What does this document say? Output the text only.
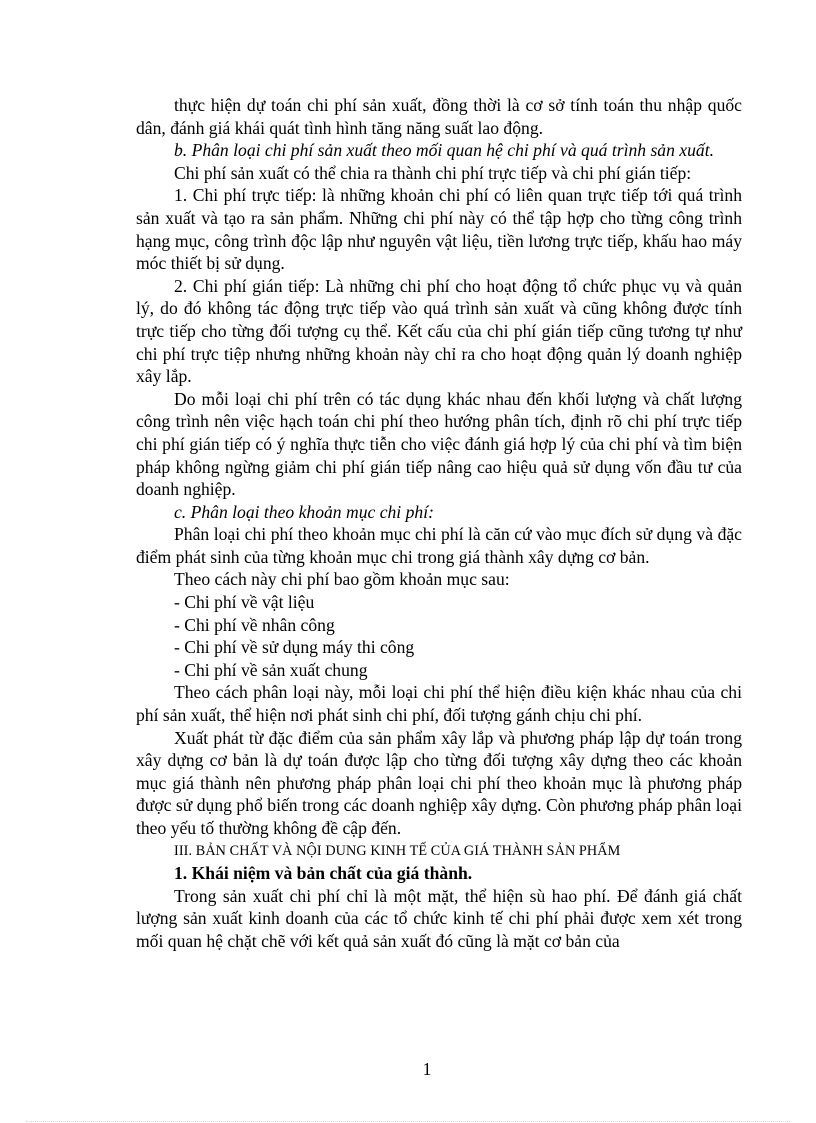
thực hiện dự toán chi phí sản xuất, đồng thời là cơ sở tính toán thu nhập quốc dân, đánh giá khái quát tình hình tăng năng suất lao động.

b. Phân loại chi phí sản xuất theo mối quan hệ chi phí và quá trình sản xuất.

Chi phí sản xuất có thể chia ra thành chi phí trực tiếp và chi phí gián tiếp:

1. Chi phí trực tiếp: là những khoản chi phí có liên quan trực tiếp tới quá trình sản xuất và tạo ra sản phẩm. Những chi phí này có thể tập hợp cho từng công trình hạng mục, công trình độc lập như nguyên vật liệu, tiền lương trực tiếp, khấu hao máy móc thiết bị sử dụng.

2. Chi phí gián tiếp: Là những chi phí cho hoạt động tổ chức phục vụ và quản lý, do đó không tác động trực tiếp vào quá trình sản xuất và cũng không được tính trực tiếp cho từng đối tượng cụ thể. Kết cấu của chi phí gián tiếp cũng tương tự như chi phí trực tiệp nhưng những khoản này chỉ ra cho hoạt động quản lý doanh nghiệp xây lắp.

Do mỗi loại chi phí trên có tác dụng khác nhau đến khối lượng và chất lượng công trình nên việc hạch toán chi phí theo hướng phân tích, định rõ chi phí trực tiếp chi phí gián tiếp có ý nghĩa thực tiễn cho việc đánh giá hợp lý của chi phí và tìm biện pháp không ngừng giảm chi phí gián tiếp nâng cao hiệu quả sử dụng vốn đầu tư của doanh nghiệp.

c. Phân loại theo khoản mục chi phí:

Phân loại chi phí theo khoản mục chi phí là căn cứ vào mục đích sử dụng và đặc điểm phát sinh của từng khoản mục chi trong giá thành xây dựng cơ bản.

Theo cách này chi phí bao gồm khoản mục sau:

- Chi phí về vật liệu

- Chi phí về nhân công

- Chi phí về sử dụng máy thi công

- Chi phí về sản xuất chung

Theo cách phân loại này, mỗi loại chi phí thể hiện điều kiện khác nhau của chi phí sản xuất, thể hiện nơi phát sinh chi phí, đối tượng gánh chịu chi phí.

Xuất phát từ đặc điểm của sản phẩm xây lắp và phương pháp lập dự toán trong xây dựng cơ bản là dự toán được lập cho từng đối tượng xây dựng theo các khoản mục giá thành nên phương pháp phân loại chi phí theo khoản mục là phương pháp được sử dụng phổ biến trong các doanh nghiệp xây dựng. Còn phương pháp phân loại theo yếu tố thường không đề cập đến.

III. BẢN CHẤT VÀ NỘI DUNG KINH TẾ CỦA GIÁ THÀNH SẢN PHẨM

1. Khái niệm và bản chất của giá thành.

Trong sản xuất chi phí chỉ là một mặt, thể hiện sù hao phí. Để đánh giá chất lượng sản xuất kinh doanh của các tổ chức kinh tế chi phí phải được xem xét trong mối quan hệ chặt chẽ với kết quả sản xuất đó cũng là mặt cơ bản của

1
